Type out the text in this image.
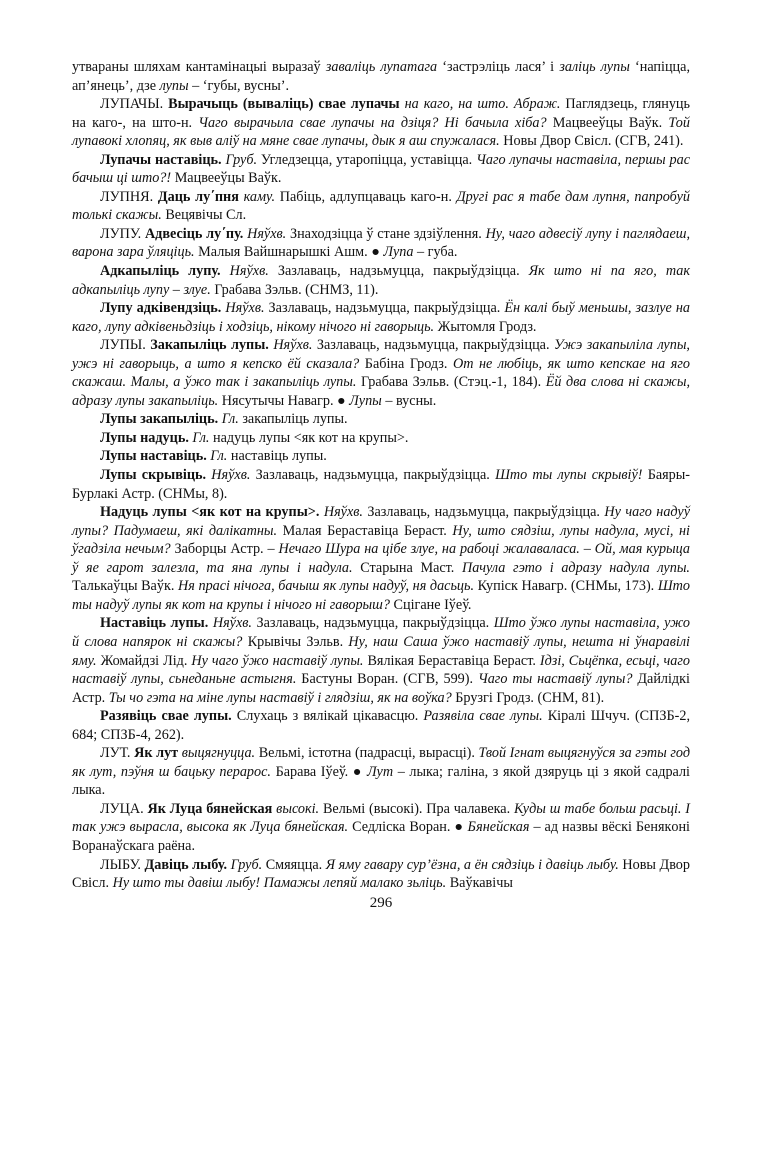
утвараны шляхам кантамінацыі выразаў заваліць лупатага ‘застрэліць лася’ і заліць лупы ‘напіцца, ап’янець’, дзе лупы – ‘губы, вусны’.

ЛУПАЧЫ. Вырачыць (вываліць) свае лупачы на каго, на што. Абраж. Паглядзець, глянуць на каго-, на што-н. Чаго вырачыла свае лупачы на дзіця? Ні бачыла хіба? Мацвееўцы Ваўк. Той лупавокі хлопяц, як выв аліў на мяне свае лупачы, дык я аш спужалася. Новы Двор Свісл. (СГВ, 241).

Лупачы наставіць. Груб. Угледзецца, утаропіцца, уставіцца. Чаго лупачы наставіла, першы рас бачыш ці што?! Мацвееўцы Ваўк.

ЛУПНЯ. Даць лу΄пня каму. Пабіць, адлупцаваць каго-н. Другі рас я табе дам лупня, папробуй толькі скажы. Вецявічы Сл.

ЛУПУ. Адвесіць лу΄пу. Няўхв. Знаходзіцца ў стане здзіўлення. Ну, чаго адвесіў лупу і паглядаеш, варона зара ўляціць. Малыя Вайшнарышкі Ашм. ● Лупа – губа.

Адкапыліць лупу. Няўхв. Зазлаваць, надзьмуцца, пакрыўдзіцца. Як што ні па яго, так адкапыліць лупу – злуе. Грабава Зэльв. (СНМЗ, 11).

Лупу адківендзіць. Няўхв. Зазлаваць, надзьмуцца, пакрыўдзіцца. Ён калі быў меньшы, зазлуе на каго, лупу адківеньдзіць і ходзіць, нікому нічого ні гаворыць. Жытомля Гродз.

ЛУПЫ. Закапыліць лупы. Няўхв. Зазлаваць, надзьмуцца, пакрыўдзіцца. Ужэ закапыліла лупы, ужэ ні гаворыць, а што я кепско ёй сказала? Бабіна Гродз. От не любіць, як што кепскае на яго скажаш. Малы, а ўжо так і закапыліць лупы. Грабава Зэльв. (Стэц.-1, 184). Ёй два слова ні скажы, адразу лупы закапыліць. Нясутычы Навагр. ● Лупы – вусны.

Лупы закапыліць. Гл. закапыліць лупы.

Лупы надуць. Гл. надуць лупы <як кот на крупы>.

Лупы наставіць. Гл. наставіць лупы.

Лупы скрывіць. Няўхв. Зазлаваць, надзьмуцца, пакрыўдзіцца. Што ты лупы скрывіў! Баяры-Бурлакі Астр. (СНМы, 8).

Надуць лупы <як кот на крупы>. Няўхв. Зазлаваць, надзьмуцца, пакрыўдзіцца. Ну чаго надуў лупы? Падумаеш, які далікатны. Малая Бераставіца Бераст. Ну, што сядзіш, лупы надула, мусі, ні ўгадзіла нечым? Заборцы Астр. – Нечаго Шура на цібе злуе, на рабоці жалаваласа. – Ой, мая курыца ў яе гарот залезла, та яна лупы і надула. Старына Маст. Пачула гэто і адразу надула лупы. Талькаўцы Ваўк. Ня прасі нічога, бачыш як лупы надуў, ня дасьць. Купіск Навагр. (СНМы, 173). Што ты надуў лупы як кот на крупы і нічого ні гаворыш? Сцігане Іўеў.

Наставіць лупы. Няўхв. Зазлаваць, надзьмуцца, пакрыўдзіцца. Што ўжо лупы наставіла, ужо й слова напярок ні скажы? Крывічы Зэльв. Ну, наш Саша ўжо наставіў лупы, нешта ні ўнаравілі яму. Жомайдзі Лід. Ну чаго ўжо наставіў лупы. Вялікая Берастaвіца Бераст. Ідзі, Сьцёпка, есьці, чаго наставіў лупы, сьнеданьне астыгня. Бастуны Воран. (СГВ, 599). Чаго ты наставіў лупы? Дайлідкі Астр. Ты чо гэта на міне лупы наставіў і глядзіш, як на воўка? Брузгі Гродз. (СНМ, 81).

Разявіць свае лупы. Слухаць з вялікай цікавасцю. Разявіла свае лупы. Кіралі Шчуч. (СПЗБ-2, 684; СПЗБ-4, 262).

ЛУТ. Як лут выцягнуцца. Вельмі, істотна (падрасці, вырасці). Твой Ігнат выцягнуўся за гэты год як лут, пэўня ш бацьку перарос. Барава Іўеў. ● Лут – лыка; галіна, з якой дзяруць ці з якой садралі лыка.

ЛУЦА. Як Луца бянейская высокі. Вельмі (высокі). Пра чалавека. Куды ш табе больш расьці. І так ужэ вырасла, высока як Луца бянейская. Седліска Воран. ● Бянейская – ад назвы вёскі Бенякoні Воранаўскага раёна.

ЛЫБУ. Давіць лыбу. Груб. Смяяцца. Я яму гавару сур’ёзна, а ён сядзіць і давіць лыбу. Новы Двор Свісл. Ну што ты давіш лыбу! Памажы лепяй малако зьліць. Ваўкавічы

296
